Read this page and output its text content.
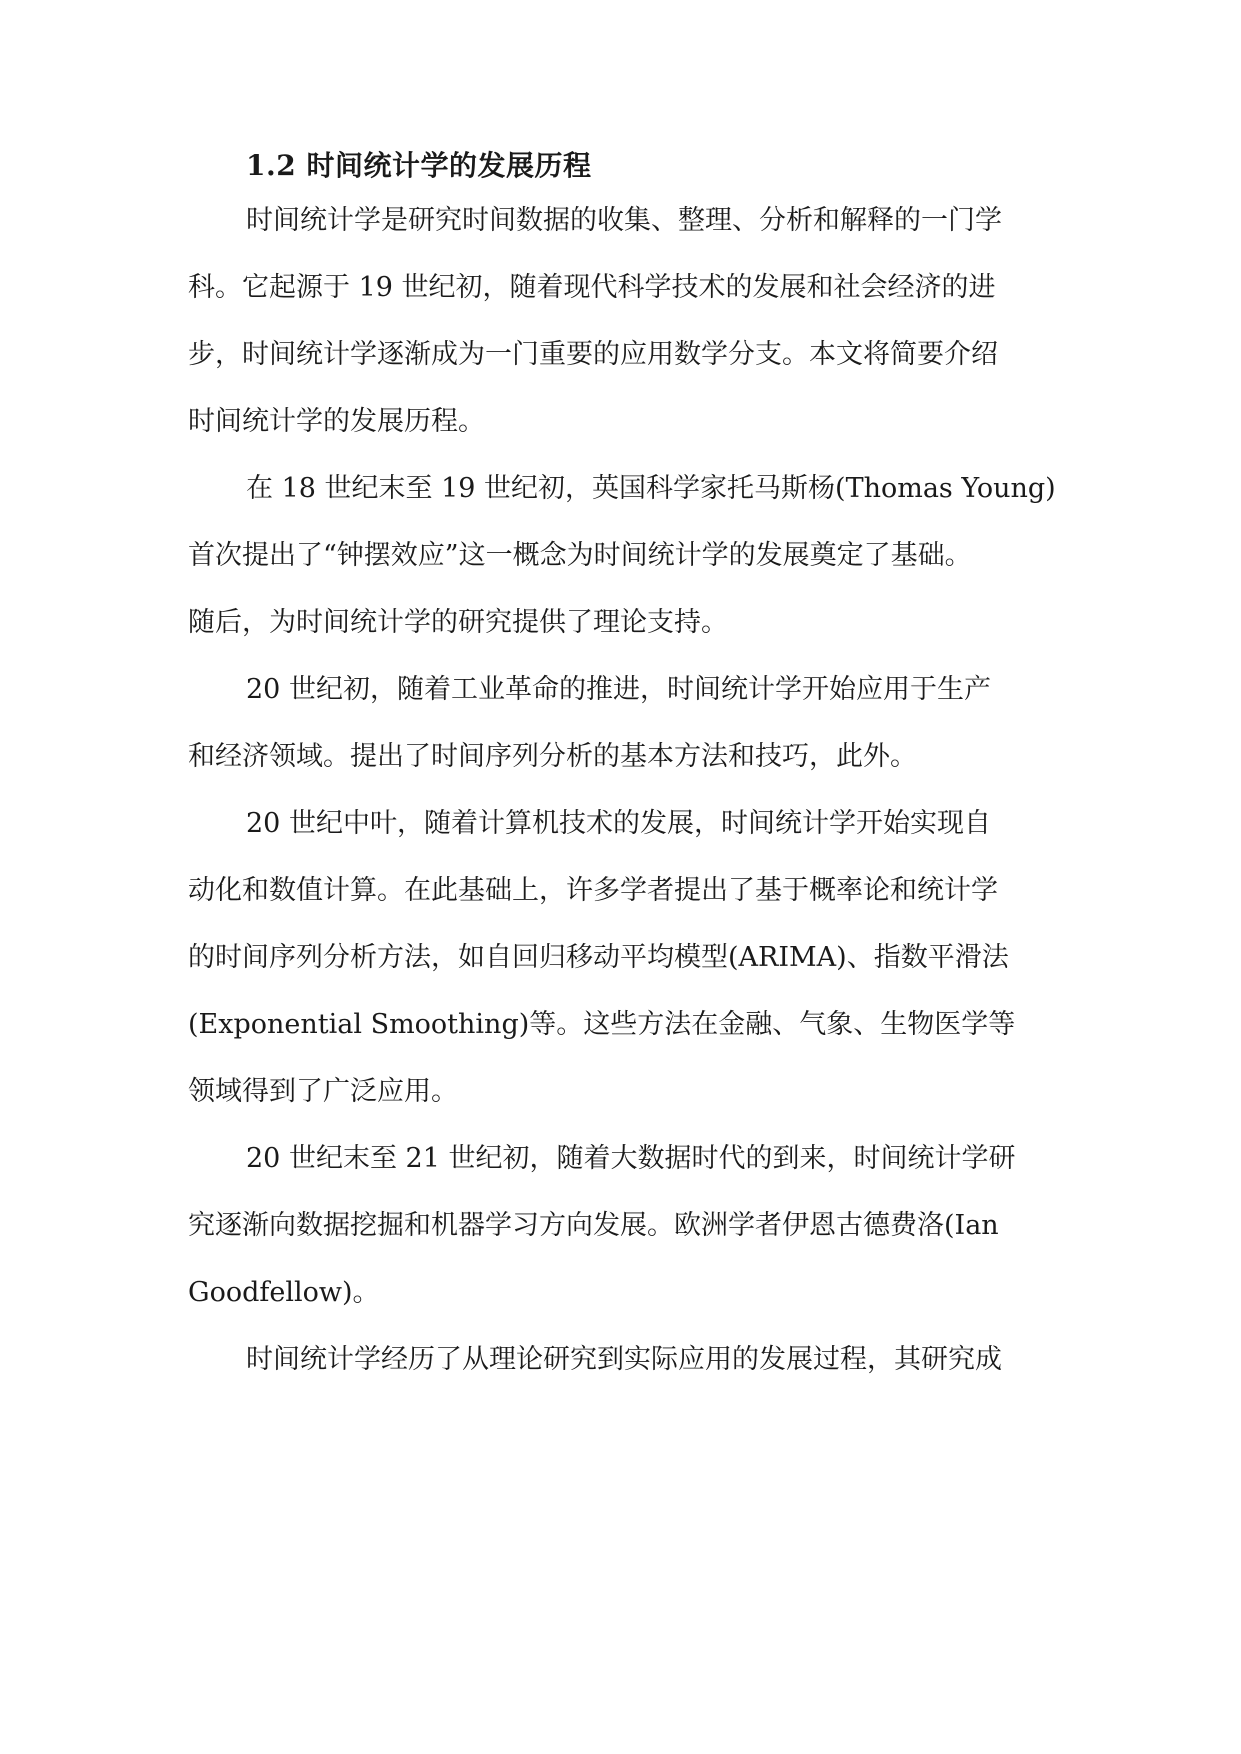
1.2 时间统计学的发展历程
时间统计学是研究时间数据的收集、整理、分析和解释的一门学
科。它起源于 19 世纪初，随着现代科学技术的发展和社会经济的进
步，时间统计学逐渐成为一门重要的应用数学分支。本文将简要介绍
时间统计学的发展历程。
在 18 世纪末至 19 世纪初，英国科学家托马斯杨(Thomas Young)
首次提出了“钟摆效应”这一概念为时间统计学的发展奠定了基础。
随后，为时间统计学的研究提供了理论支持。
20 世纪初，随着工业革命的推进，时间统计学开始应用于生产
和经济领域。提出了时间序列分析的基本方法和技巧，此外。
20 世纪中叶，随着计算机技术的发展，时间统计学开始实现自
动化和数值计算。在此基础上，许多学者提出了基于概率论和统计学
的时间序列分析方法，如自回归移动平均模型(ARIMA)、指数平滑法
(Exponential Smoothing)等。这些方法在金融、气象、生物医学等
领域得到了广泛应用。
20 世纪末至 21 世纪初，随着大数据时代的到来，时间统计学研
究逐渐向数据挖掘和机器学习方向发展。欧洲学者伊恩古德费洛(Ian
Goodfellow)。
时间统计学经历了从理论研究到实际应用的发展过程，其研究成
